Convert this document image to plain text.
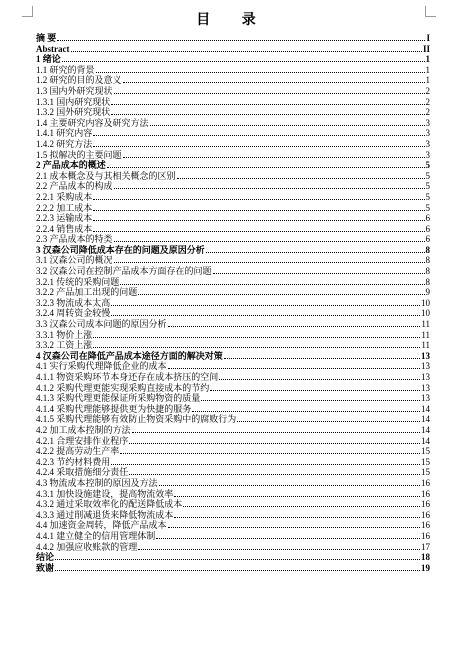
目 录
摘 要	I
Abstract	II
1 绪论	1
1.1 研究的背景	1
1.2 研究的目的及意义	1
1.3 国内外研究现状	2
1.3.1 国内研究现状	2
1.3.2 国外研究现状	2
1.4 主要研究内容及研究方法	3
1.4.1 研究内容	3
1.4.2 研究方法	3
1.5 拟解决的主要问题	3
2 产品成本的概述	5
2.1 成本概念及与其相关概念的区别	5
2.2 产品成本的构成	5
2.2.1 采购成本	5
2.2.2 加工成本	5
2.2.3 运输成本	6
2.2.4 销售成本	6
2.3 产品成本的特类	6
3 汉森公司降低成本存在的问题及原因分析	8
3.1 汉森公司的概况	8
3.2 汉森公司在控制产品成本方面存在的问题	8
3.2.1 传统的采购问题	8
3.2.2 产品加工出现的问题	9
3.2.3 物流成本太高	10
3.2.4 周转资金较慢	10
3.3 汉森公司成本问题的原因分析	11
3.3.1 物价上涨	11
3.3.2 工资上涨	11
4 汉森公司在降低产品成本途径方面的解决对策	13
4.1 实行采购代理降低企业的成本	13
4.1.1 物资采购环节本身还存在成本挤压的空间	13
4.1.2 采购代理更能实现采购直接成本的节约	13
4.1.3 采购代理更能保证所采购物资的质量	13
4.1.4 采购代理能够提供更为快捷的服务	14
4.1.5 采购代理能够有效防止物资采购中的腐败行为	14
4.2 加工成本控制的方法	14
4.2.1 合理安排作业程序	14
4.2.2 提高劳动生产率	15
4.2.3 节约材料费用	15
4.2.4 采取措施细分责任	15
4.3 物流成本控制的原因及方法	16
4.3.1 加快设施建设，提高物流效率	16
4.3.2 通过采取效率化的配送降低成本	16
4.3.3 通过削减退货来降低物流成本	16
4.4 加速资金周转，降低产品成本	16
4.4.1 建立健全的信用管理体制	16
4.4.2 加强应收账款的管理	17
结论	18
致谢	19
